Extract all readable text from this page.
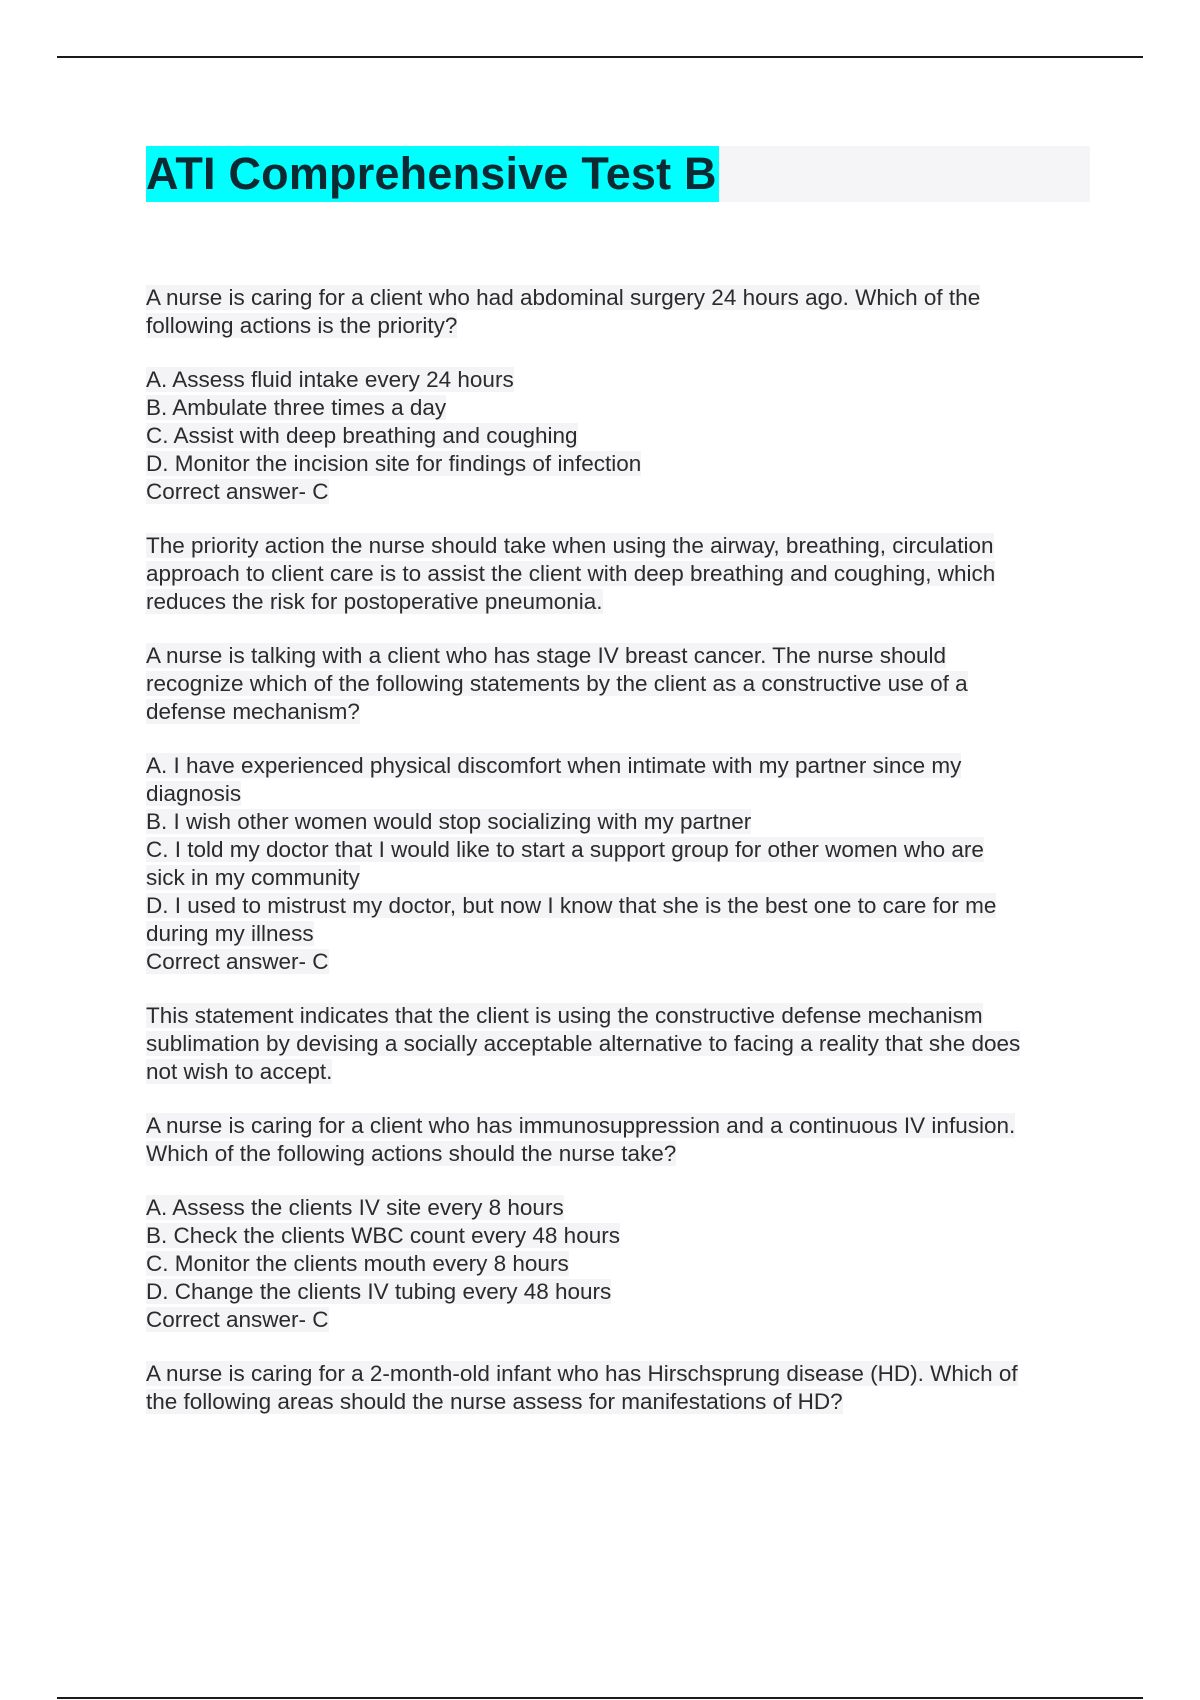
ATI Comprehensive Test B
A nurse is caring for a client who had abdominal surgery 24 hours ago. Which of the
following actions is the priority?
A. Assess fluid intake every 24 hours
B. Ambulate three times a day
C. Assist with deep breathing and coughing
D. Monitor the incision site for findings of infection
Correct answer- C
The priority action the nurse should take when using the airway, breathing, circulation
approach to client care is to assist the client with deep breathing and coughing, which
reduces the risk for postoperative pneumonia.
A nurse is talking with a client who has stage IV breast cancer. The nurse should
recognize which of the following statements by the client as a constructive use of a
defense mechanism?
A. I have experienced physical discomfort when intimate with my partner since my
diagnosis
B. I wish other women would stop socializing with my partner
C. I told my doctor that I would like to start a support group for other women who are
sick in my community
D. I used to mistrust my doctor, but now I know that she is the best one to care for me
during my illness
Correct answer- C
This statement indicates that the client is using the constructive defense mechanism
sublimation by devising a socially acceptable alternative to facing a reality that she does
not wish to accept.
A nurse is caring for a client who has immunosuppression and a continuous IV infusion.
Which of the following actions should the nurse take?
A. Assess the clients IV site every 8 hours
B. Check the clients WBC count every 48 hours
C. Monitor the clients mouth every 8 hours
D. Change the clients IV tubing every 48 hours
Correct answer- C
A nurse is caring for a 2-month-old infant who has Hirschsprung disease (HD). Which of
the following areas should the nurse assess for manifestations of HD?
